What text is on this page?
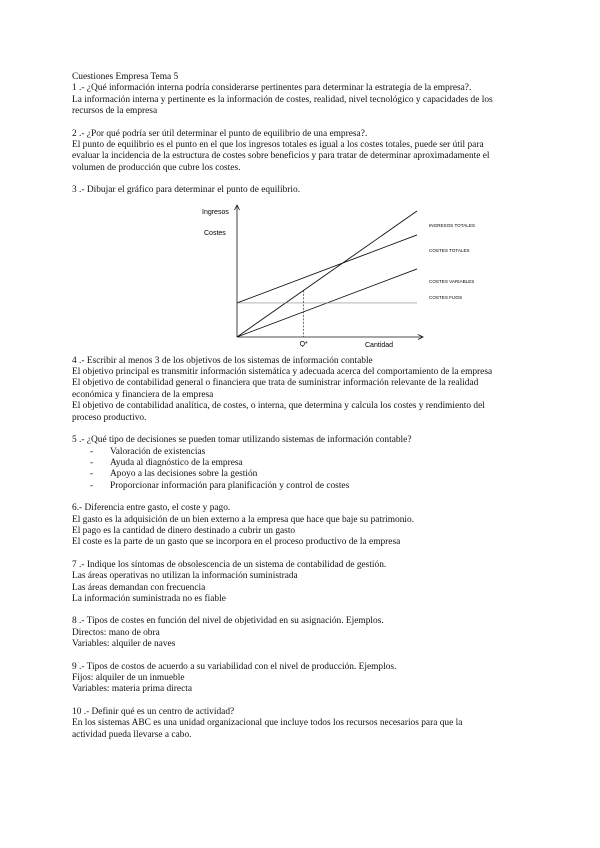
Cuestiones Empresa Tema 5
1 .- ¿Qué información interna podría considerarse pertinentes para determinar la estrategia de la empresa?.
La información interna y pertinente es la información de costes, realidad, nivel tecnológico y capacidades de los
recursos de la empresa
2 .- ¿Por qué podría ser útil determinar el punto de equilibrio de una empresa?.
El punto de equilibrio es el punto en el que los ingresos totales es igual a los costes totales, puede ser útil para
evaluar la incidencia de la estructura de costes sobre beneficios y para tratar de determinar aproximadamente el
volumen de producción que cubre los costes.
3 .- Dibujar el gráfico para determinar el punto de equilibrio.
Ingresos
Costes
Cantidad
Q*
INGRESOS TOTALES
COSTES TOTALES
COSTES VARIABLES
COSTES FIJOS
4 .- Escribir al menos 3 de los objetivos de los sistemas de información contable
El objetivo principal es transmitir información sistemática y adecuada acerca del comportamiento de la empresa
El objetivo de contabilidad general o financiera que trata de suministrar información relevante de la realidad
económica y financiera de la empresa
El objetivo de contabilidad analítica, de costes, o interna, que determina y calcula los costes y rendimiento del
proceso productivo.
5 .- ¿Qué tipo de decisiones se pueden tomar utilizando sistemas de información contable?
- Valoración de existencias
- Ayuda al diagnóstico de la empresa
- Apoyo a las decisiones sobre la gestión
- Proporcionar información para planificación y control de costes
6.- Diferencia entre gasto, el coste y pago.
El gasto es la adquisición de un bien externo a la empresa que hace que baje su patrimonio.
El pago es la cantidad de dinero destinado a cubrir un gasto
El coste es la parte de un gasto que se incorpora en el proceso productivo de la empresa
7 .- Indique los síntomas de obsolescencia de un sistema de contabilidad de gestión.
Las áreas operativas no utilizan la información suministrada
Las áreas demandan con frecuencia
La información suministrada no es fiable
8 .- Tipos de costes en función del nivel de objetividad en su asignación. Ejemplos.
Directos: mano de obra
Variables: alquiler de naves
9 .- Tipos de costos de acuerdo a su variabilidad con el nivel de producción. Ejemplos.
Fijos: alquiler de un inmueble
Variables: materia prima directa
10 .- Definir qué es un centro de actividad?
En los sistemas ABC es una unidad organizacional que incluye todos los recursos necesarios para que la
actividad pueda llevarse a cabo.
